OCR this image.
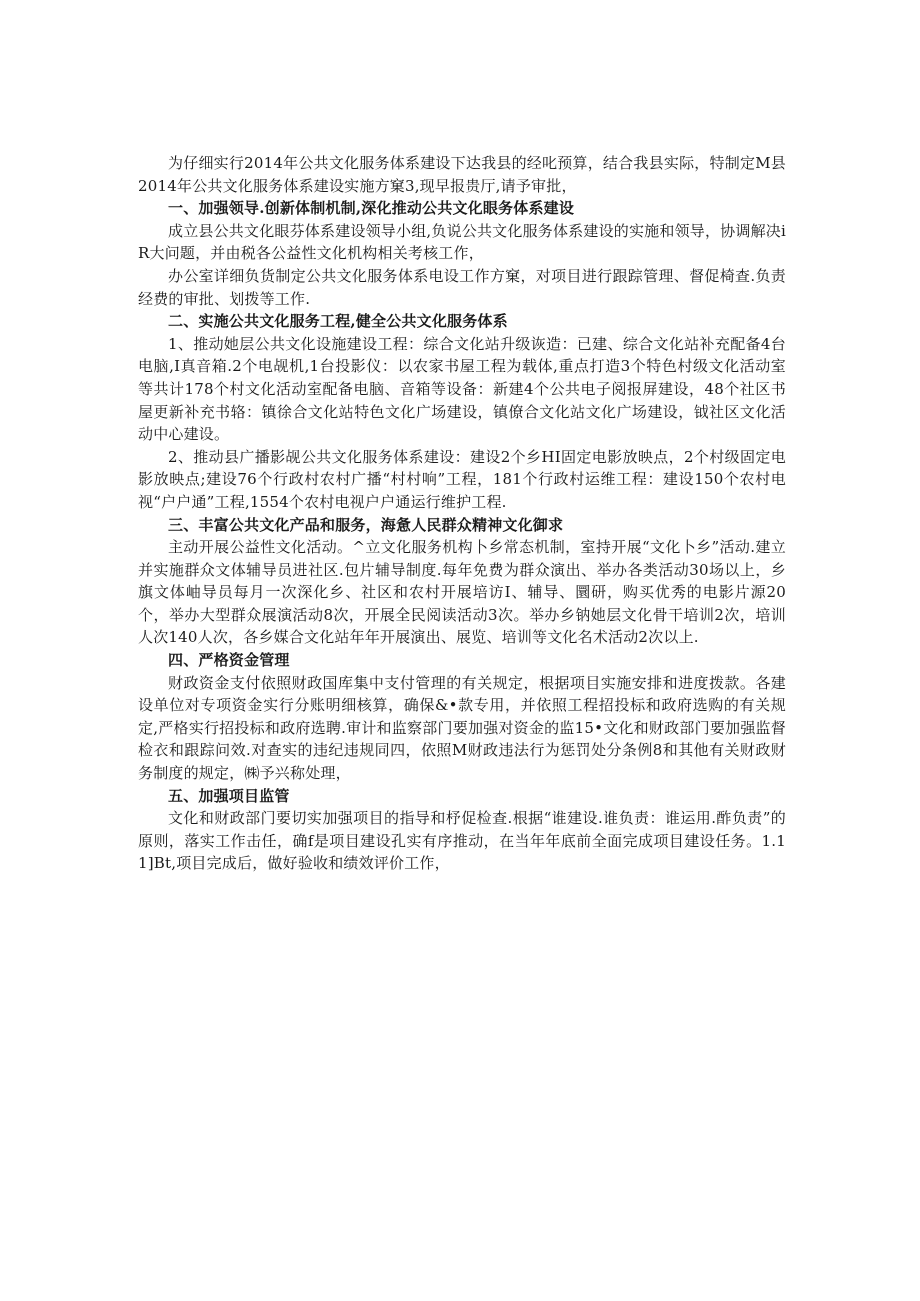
为仔细实行2014年公共文化服务体系建设下达我县的经叱预算，结合我县实际，特制定M县2014年公共文化服务体系建设实施方窠3,现早报贵厅,请予审批，

一、加强领导.创新体制机制,深化推动公共文化眼务体系建设

成立县公共文化眼芬体系建设领导小组,负说公共文化服务体系建设的实施和领导，协调解决iR大问题，并由税各公益性文化机构相关考核工作，

办公室详细负货制定公共文化服务体系电设工作方窠，对项目进行跟踪管理、督促椅查.负责经费的审批、划拨等工作.

二、实施公共文化服务工程,健全公共文化服务体系

1、推动她层公共文化设施建设工程：综合文化站升级诙造：已建、综合文化站补充配备4台电脑,I真音箱.2个电觇机,1台投影仪：以农家书屋工程为载体,重点打造3个特色村级文化活动室等共计178个村文化活动室配备电脑、音箱等设备：新建4个公共电子阅报屏建设，48个社区书屋更新补充书辂：镇徐合文化站特色文化广场建设，镇僚合文化站文化广场建设，钺社区文化活动中心建设。

2、推动县广播影觇公共文化服务体系建设：建设2个乡HI固定电影放映点，2个村级固定电影放映点;建设76个行政村农村广播“村村响”工程，181个行政村运维工程：建设150个农村电视“户户通”工程,1554个农村电视户户通运行维护工程.

三、丰富公共文化产品和服务，海惫人民群众精神文化御求

主动开展公益性文化活动。^立文化服务机构卜乡常态机制，室持开展“文化卜乡”活动.建立并实施群众文体辅导员进社区.包片辅导制度.每年免费为群众演出、举办各类活动30场以上，乡旗文体岫导员每月一次深化乡、社区和农村开展培访I、辅导、圜研，购买优秀的电影片源20个，举办大型群众展演活动8次，开展全民阅读活动3次。举办乡钠她层文化骨干培训2次，培训人次140人次，各乡媒合文化站年年开展演出、展览、培训等文化名术活动2次以上.

四、严格资金管理

财政资金支付依照财政国库集中支付管理的有关规定，根据项目实施安排和进度拨款。各建设单位对专项资金实行分账明细核算，确保&•款专用，并依照工程招投标和政府选购的有关规定,严格实行招投标和政府选聘.审计和监察部门要加强对资金的监15•文化和财政部门要加强监督检衣和跟踪问效.对查实的违纪违规同四，依照M财政违法行为惩罚处分条例8和其他有关财政财务制度的规定，㈱予兴称处理，

五、加强项目监管

文化和财政部门要切实加强项目的指导和杼促检查.根据“谁建设.谁负责：谁运用.酢负责”的原则，落实工作击任，确f是项目建设孔实有序推动，在当年年底前全面完成项目建设任务。1.11]Bt,项目完成后，做好验收和绩效评价工作，
